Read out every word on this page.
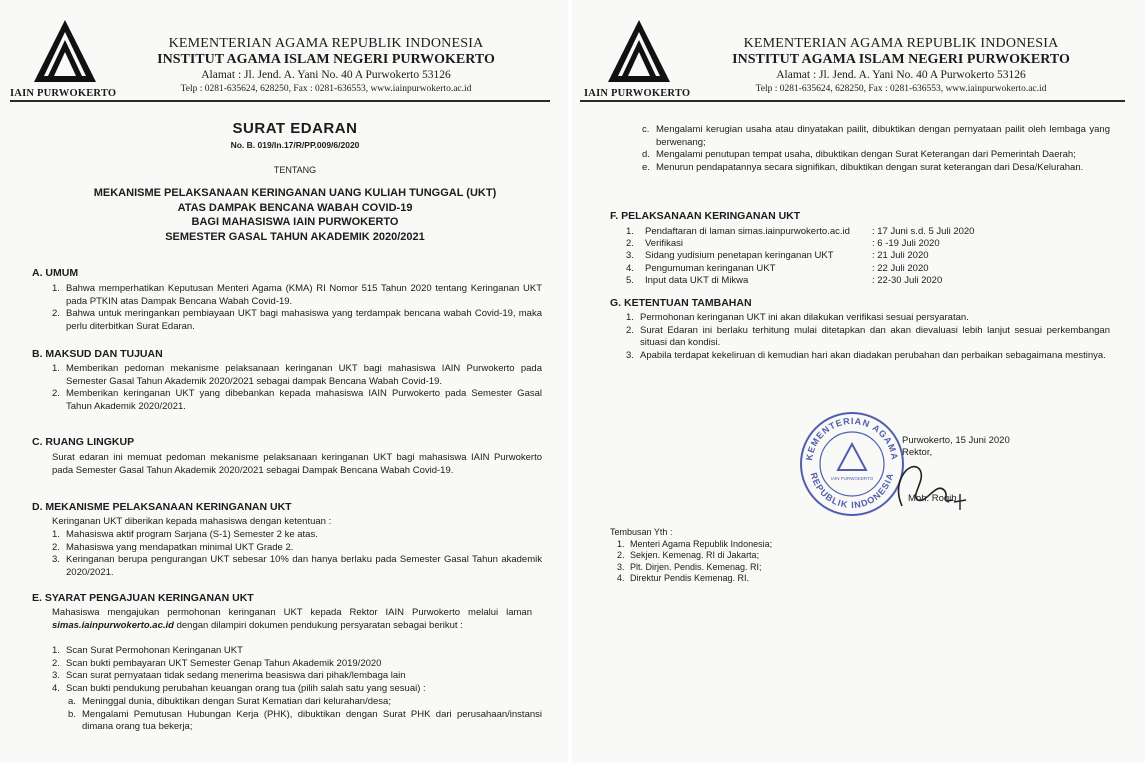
IAIN PURWOKERTO
KEMENTERIAN AGAMA REPUBLIK INDONESIA
INSTITUT AGAMA ISLAM NEGERI PURWOKERTO
Alamat : Jl. Jend. A. Yani No. 40 A Purwokerto 53126
Telp : 0281-635624, 628250, Fax : 0281-636553, www.iainpurwokerto.ac.id
SURAT EDARAN
No. B. 019/In.17/R/PP.009/6/2020
TENTANG
MEKANISME PELAKSANAAN KERINGANAN UANG KULIAH TUNGGAL (UKT)
ATAS DAMPAK BENCANA WABAH COVID-19
BAGI MAHASISWA IAIN PURWOKERTO
SEMESTER GASAL TAHUN AKADEMIK 2020/2021
A. UMUM
1. Bahwa memperhatikan Keputusan Menteri Agama (KMA) RI Nomor 515 Tahun 2020 tentang Keringanan UKT pada PTKIN atas Dampak Bencana Wabah Covid-19.
2. Bahwa untuk meringankan pembiayaan UKT bagi mahasiswa yang terdampak bencana wabah Covid-19, maka perlu diterbitkan Surat Edaran.
B. MAKSUD DAN TUJUAN
1. Memberikan pedoman mekanisme pelaksanaan keringanan UKT bagi mahasiswa IAIN Purwokerto pada Semester Gasal Tahun Akademik 2020/2021 sebagai dampak Bencana Wabah Covid-19.
2. Memberikan keringanan UKT yang dibebankan kepada mahasiswa IAIN Purwokerto pada Semester Gasal Tahun Akademik 2020/2021.
C. RUANG LINGKUP
Surat edaran ini memuat pedoman mekanisme pelaksanaan keringanan UKT bagi mahasiswa IAIN Purwokerto pada Semester Gasal Tahun Akademik 2020/2021 sebagai Dampak Bencana Wabah Covid-19.
D. MEKANISME PELAKSANAAN KERINGANAN UKT
Keringanan UKT diberikan kepada mahasiswa dengan ketentuan :
1. Mahasiswa aktif program Sarjana (S-1) Semester 2 ke atas.
2. Mahasiswa yang mendapatkan minimal UKT Grade 2.
3. Keringanan berupa pengurangan UKT sebesar 10% dan hanya berlaku pada Semester Gasal Tahun akademik 2020/2021.
E. SYARAT PENGAJUAN KERINGANAN UKT
Mahasiswa mengajukan permohonan keringanan UKT kepada Rektor IAIN Purwokerto melalui laman simas.iainpurwokerto.ac.id dengan dilampiri dokumen pendukung persyaratan sebagai berikut :
1. Scan Surat Permohonan Keringanan UKT
2. Scan bukti pembayaran UKT Semester Genap Tahun Akademik 2019/2020
3. Scan surat pernyataan tidak sedang menerima beasiswa dari pihak/lembaga lain
4. Scan bukti pendukung perubahan keuangan orang tua (pilih salah satu yang sesuai) :
a. Meninggal dunia, dibuktikan dengan Surat Kematian dari kelurahan/desa;
b. Mengalami Pemutusan Hubungan Kerja (PHK), dibuktikan dengan Surat PHK dari perusahaan/instansi dimana orang tua bekerja;
IAIN PURWOKERTO
KEMENTERIAN AGAMA REPUBLIK INDONESIA
INSTITUT AGAMA ISLAM NEGERI PURWOKERTO
Alamat : Jl. Jend. A. Yani No. 40 A Purwokerto 53126
Telp : 0281-635624, 628250, Fax : 0281-636553, www.iainpurwokerto.ac.id
c. Mengalami kerugian usaha atau dinyatakan pailit, dibuktikan dengan pernyataan pailit oleh lembaga yang berwenang;
d. Mengalami penutupan tempat usaha, dibuktikan dengan Surat Keterangan dari Pemerintah Daerah;
e. Menurun pendapatannya secara signifikan, dibuktikan dengan surat keterangan dari Desa/Kelurahan.
F. PELAKSANAAN KERINGANAN UKT
G. KETENTUAN TAMBAHAN
1. Permohonan keringanan UKT ini akan dilakukan verifikasi sesuai persyaratan.
2. Surat Edaran ini berlaku terhitung mulai ditetapkan dan akan dievaluasi lebih lanjut sesuai perkembangan situasi dan kondisi.
3. Apabila terdapat kekeliruan di kemudian hari akan diadakan perubahan dan perbaikan sebagaimana mestinya.
1. Pendaftaran di laman simas.iainpurwokerto.ac.id : 17 Juni s.d. 5 Juli 2020
2. Verifikasi	: 6 -19 Juli 2020
3. Sidang yudisium penetapan keringanan UKT	: 21 Juli 2020
4. Pengumuman keringanan UKT	: 22 Juli 2020
5. Input data UKT di Mikwa	: 22-30 Juli 2020
KEMENTERIAN AGAMA
REPUBLIK INDONESIA
IAIN PURWOKERTO
Purwokerto, 15 Juni 2020
Rektor,
Moh. Roqib
Tembusan Yth :
1. Menteri Agama Republik Indonesia;
2. Sekjen. Kemenag. RI di Jakarta;
3. Plt. Dirjen. Pendis. Kemenag. RI;
4. Direktur Pendis Kemenag. RI.
